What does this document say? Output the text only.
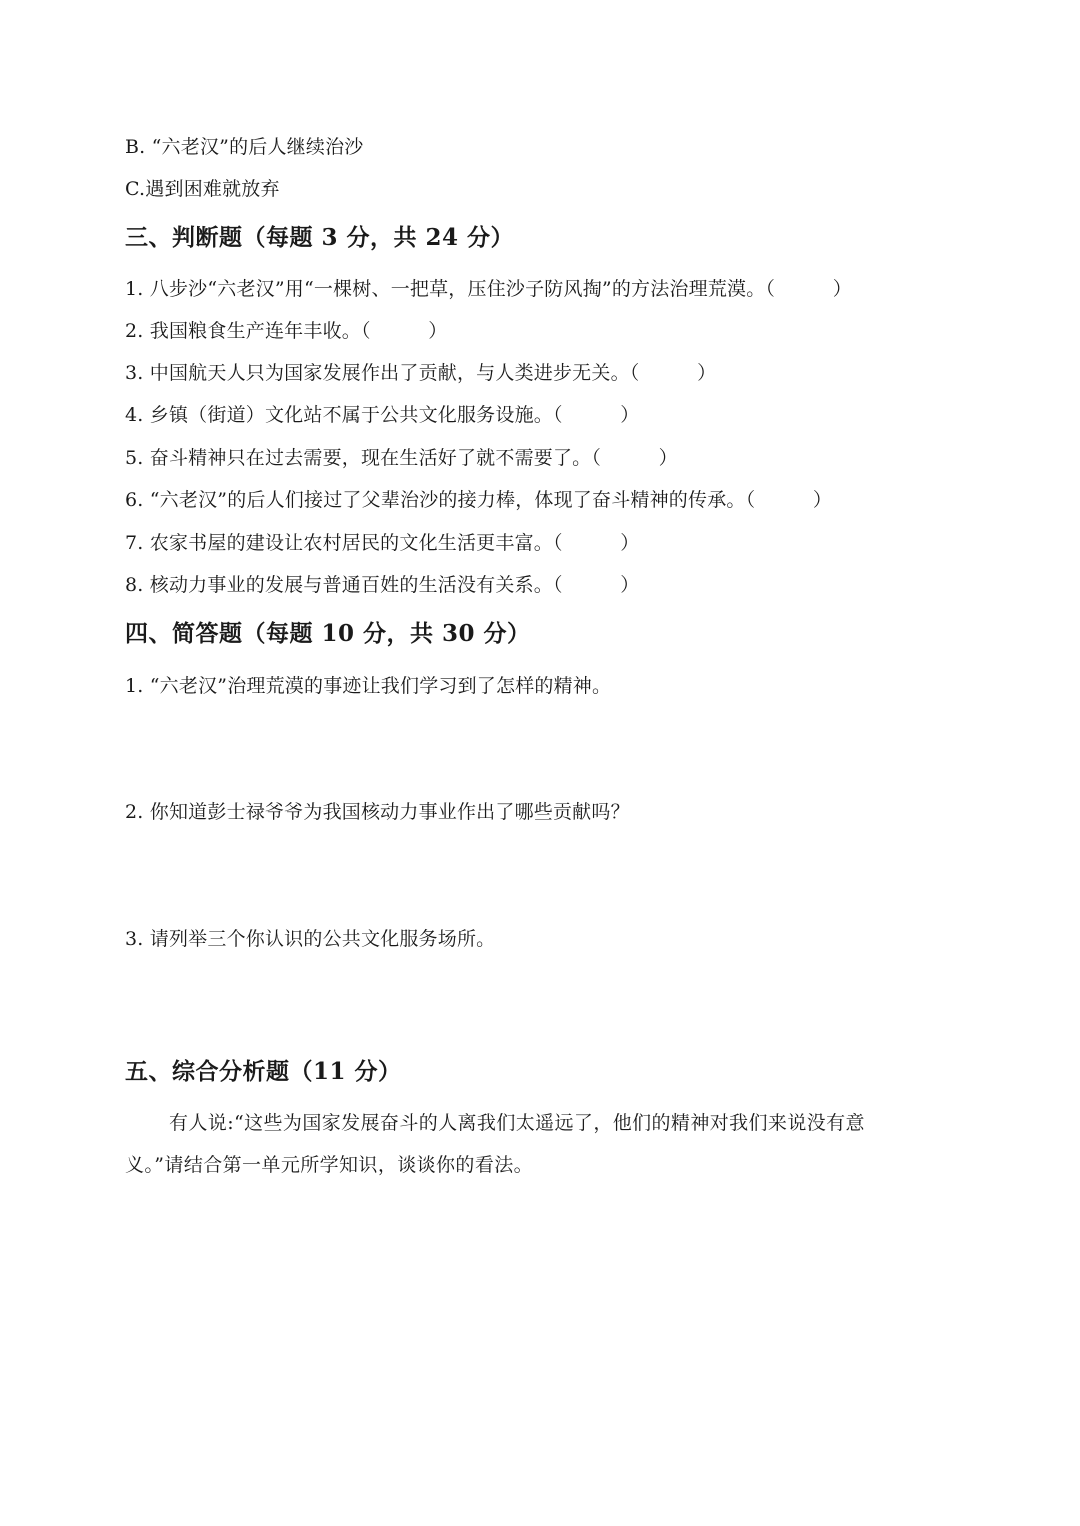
B. “六老汉”的后人继续治沙
C.遇到困难就放弃
三、判断题（每题 3 分，共 24 分）
1. 八步沙“六老汉”用“一棵树、一把草，压住沙子防风掏”的方法治理荒漠。（　　　）
2. 我国粮食生产连年丰收。（　　　）
3. 中国航天人只为国家发展作出了贡献，与人类进步无关。（　　　）
4. 乡镇（街道）文化站不属于公共文化服务设施。（　　　）
5. 奋斗精神只在过去需要，现在生活好了就不需要了。（　　　）
6. “六老汉”的后人们接过了父辈治沙的接力棒，体现了奋斗精神的传承。（　　　）
7. 农家书屋的建设让农村居民的文化生活更丰富。（　　　）
8. 核动力事业的发展与普通百姓的生活没有关系。（　　　）
四、简答题（每题 10 分，共 30 分）
1. “六老汉”治理荒漠的事迹让我们学习到了怎样的精神。
2. 你知道彭士禄爷爷为我国核动力事业作出了哪些贡献吗？
3. 请列举三个你认识的公共文化服务场所。
五、综合分析题（11 分）
有人说:“这些为国家发展奋斗的人离我们太遥远了，他们的精神对我们来说没有意
义。”请结合第一单元所学知识，谈谈你的看法。
